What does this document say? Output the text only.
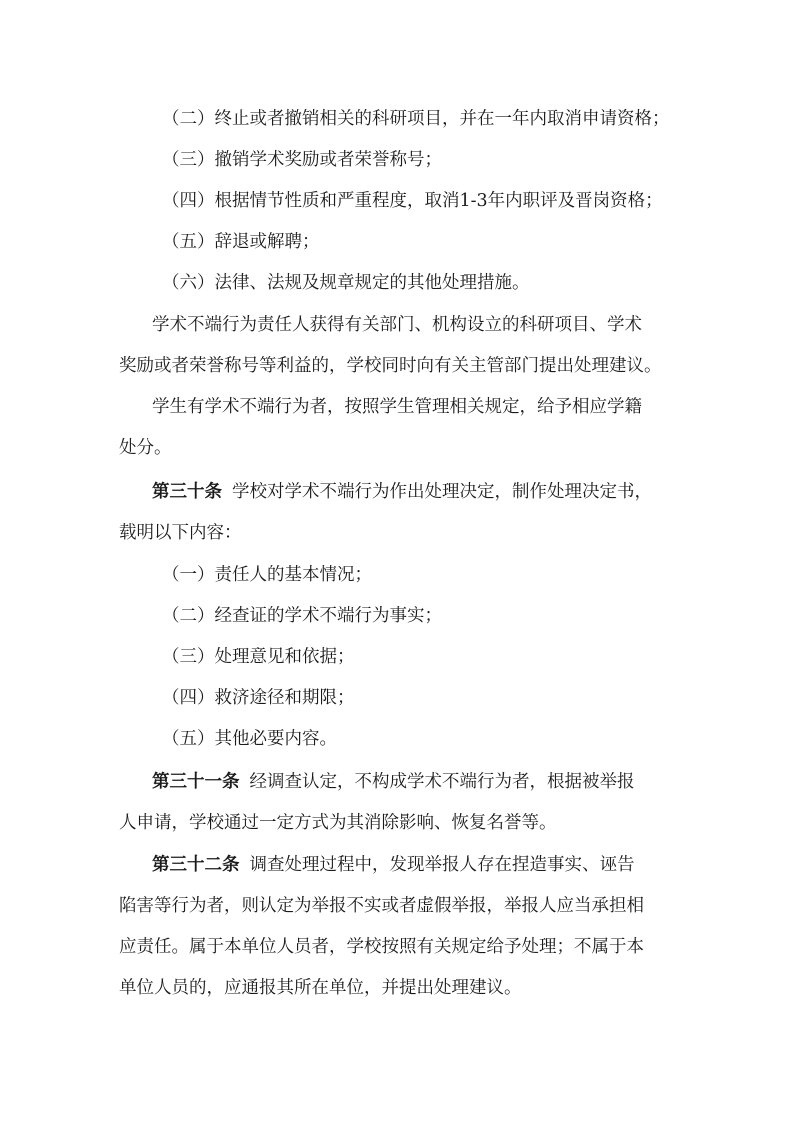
（二）终止或者撤销相关的科研项目，并在一年内取消申请资格；
（三）撤销学术奖励或者荣誉称号；
（四）根据情节性质和严重程度，取消1-3年内职评及晋岗资格；
（五）辞退或解聘；
（六）法律、法规及规章规定的其他处理措施。
学术不端行为责任人获得有关部门、机构设立的科研项目、学术
奖励或者荣誉称号等利益的，学校同时向有关主管部门提出处理建议。
学生有学术不端行为者，按照学生管理相关规定，给予相应学籍
处分。
第三十条 学校对学术不端行为作出处理决定，制作处理决定书，
载明以下内容：
（一）责任人的基本情况；
（二）经查证的学术不端行为事实；
（三）处理意见和依据；
（四）救济途径和期限；
（五）其他必要内容。
第三十一条 经调查认定，不构成学术不端行为者，根据被举报
人申请，学校通过一定方式为其消除影响、恢复名誉等。
第三十二条 调查处理过程中，发现举报人存在捏造事实、诬告
陷害等行为者，则认定为举报不实或者虚假举报，举报人应当承担相
应责任。属于本单位人员者，学校按照有关规定给予处理；不属于本
单位人员的，应通报其所在单位，并提出处理建议。
